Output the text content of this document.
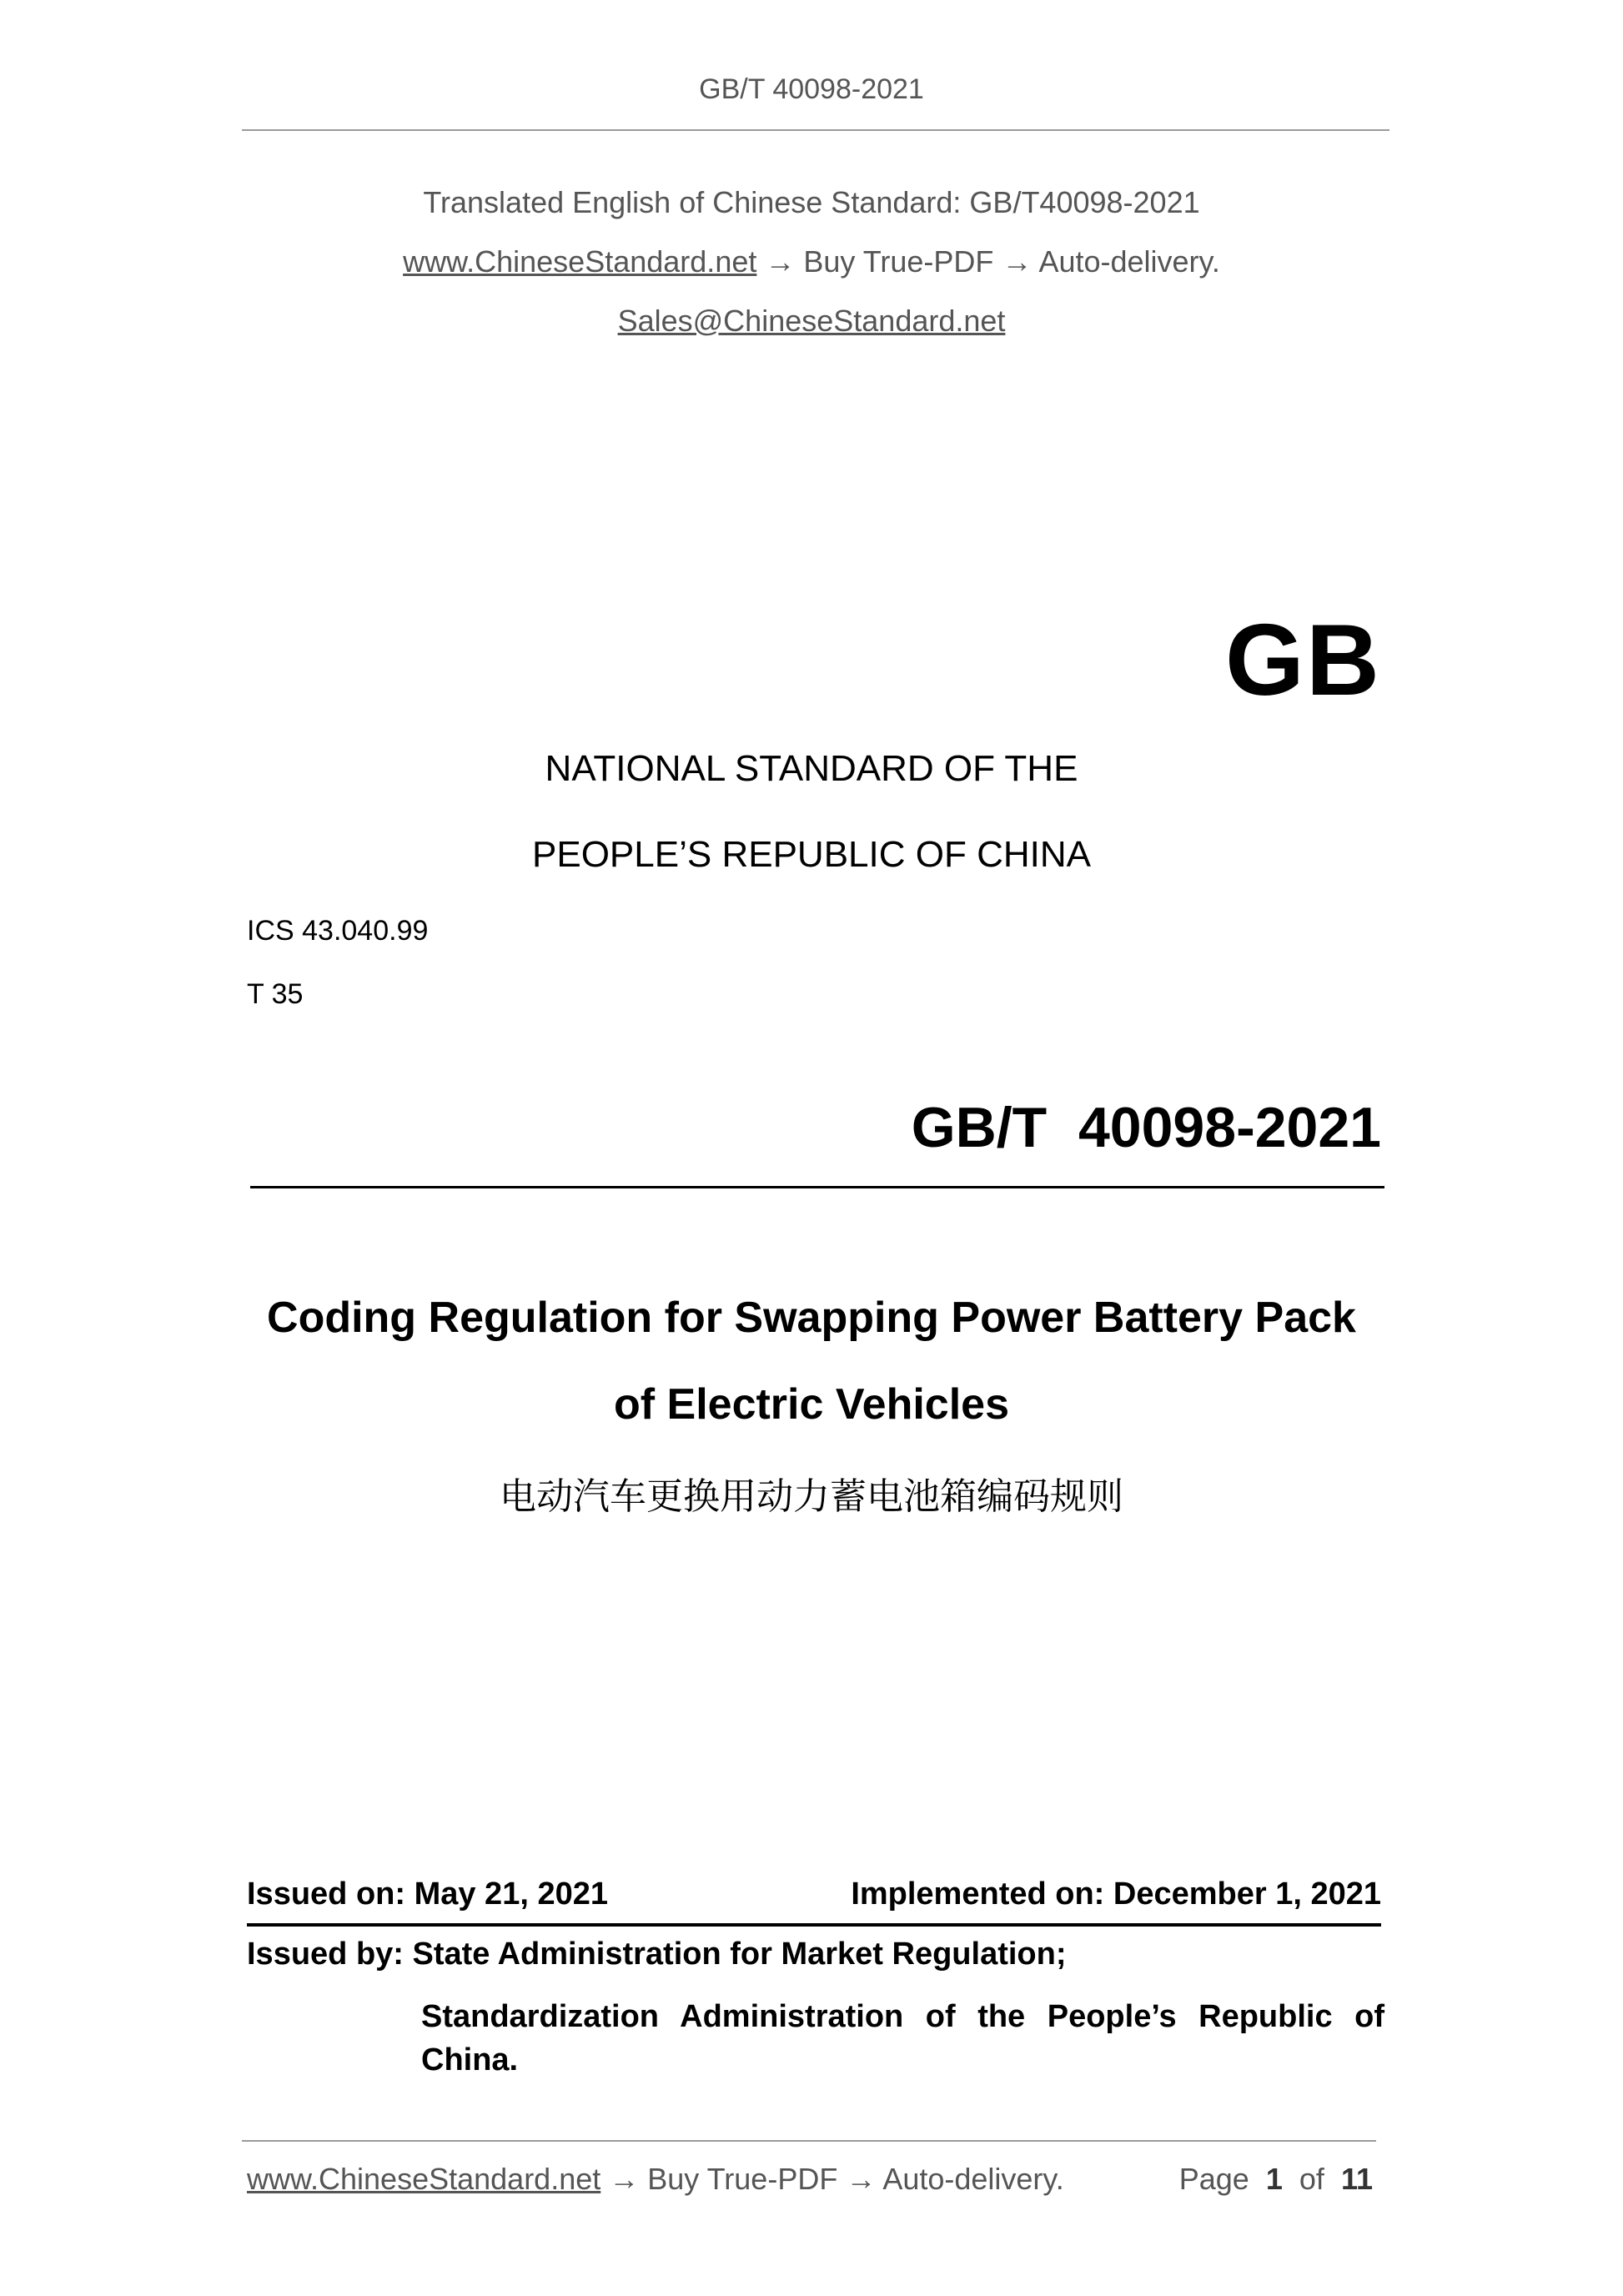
GB/T 40098-2021
Translated English of Chinese Standard: GB/T40098-2021
www.ChineseStandard.net → Buy True-PDF → Auto-delivery.
Sales@ChineseStandard.net
GB
NATIONAL STANDARD OF THE
PEOPLE’S REPUBLIC OF CHINA
ICS 43.040.99
T 35
GB/T  40098-2021
Coding Regulation for Swapping Power Battery Pack
of Electric Vehicles
电动汽车更换用动力蓄电池箱编码规则
Issued on: May 21, 2021	Implemented on: December 1, 2021
Issued by: State Administration for Market Regulation;
Standardization Administration of the People’s Republic of China.
www.ChineseStandard.net → Buy True-PDF → Auto-delivery.	Page 1 of 11
